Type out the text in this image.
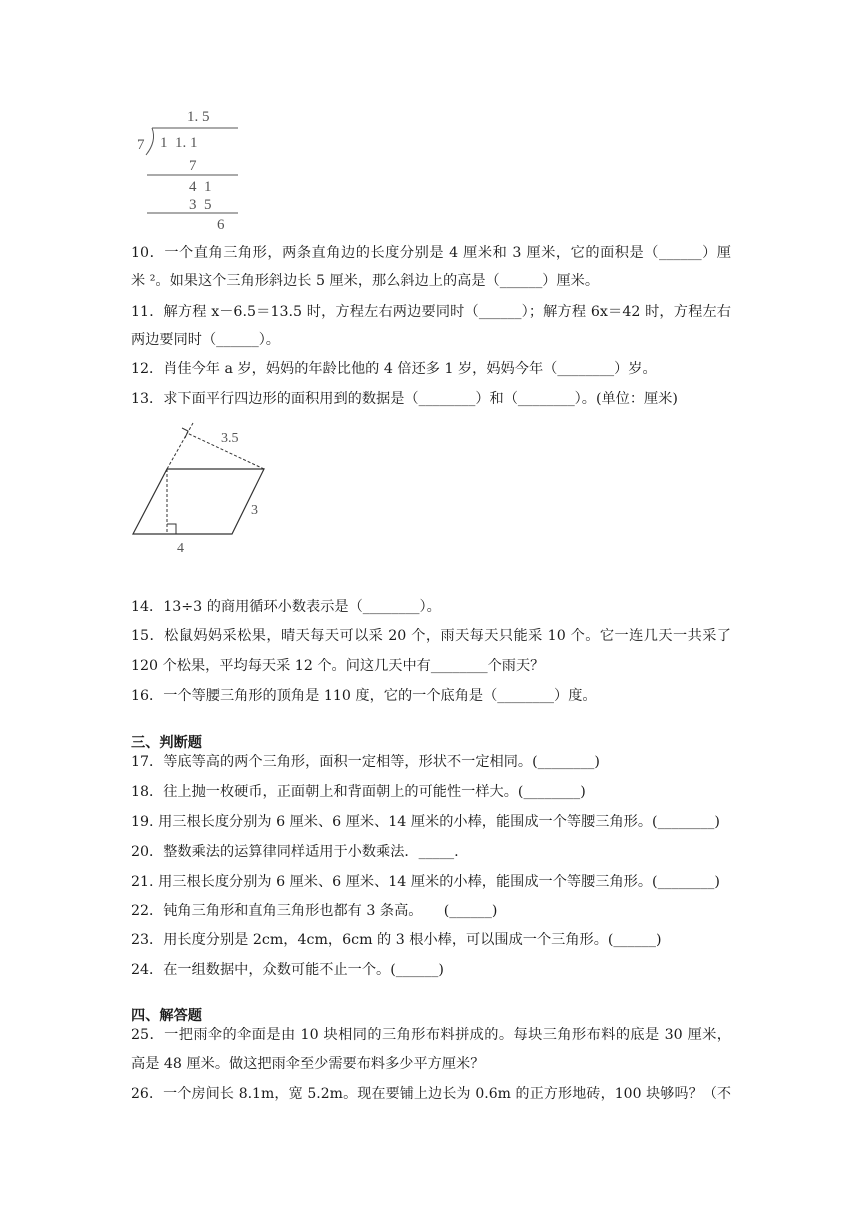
1. 5
7 1  1. 1
7
4  1
3  5
6
10．一个直角三角形，两条直角边的长度分别是 4 厘米和 3 厘米，它的面积是（______）厘
米 ²。如果这个三角形斜边长 5 厘米，那么斜边上的高是（______）厘米。
11．解方程 x－6.5＝13.5 时，方程左右两边要同时（______）；解方程 6x＝42 时，方程左右
两边要同时（______）。
12．肖佳今年 a 岁，妈妈的年龄比他的 4 倍还多 1 岁，妈妈今年（________）岁。
13．求下面平行四边形的面积用到的数据是（________）和（________）。(单位：厘米)
3.5
3
4
14．13÷3 的商用循环小数表示是（________）。
15．松鼠妈妈采松果，晴天每天可以采 20 个，雨天每天只能采 10 个。它一连几天一共采了
120 个松果，平均每天采 12 个。问这几天中有________个雨天？
16．一个等腰三角形的顶角是 110 度，它的一个底角是（________）度。
三、判断题
17．等底等高的两个三角形，面积一定相等，形状不一定相同。(________)
18．往上抛一枚硬币，正面朝上和背面朝上的可能性一样大。(________)
19. 用三根长度分别为 6 厘米、6 厘米、14 厘米的小棒，能围成一个等腰三角形。(________)
20．整数乘法的运算律同样适用于小数乘法．_____.
21. 用三根长度分别为 6 厘米、6 厘米、14 厘米的小棒，能围成一个等腰三角形。(________)
22．钝角三角形和直角三角形也都有 3 条高。　　(______)
23．用长度分别是 2cm，4cm，6cm 的 3 根小棒，可以围成一个三角形。(______)
24．在一组数据中，众数可能不止一个。(______)
四、解答题
25．一把雨伞的伞面是由 10 块相同的三角形布料拼成的。每块三角形布料的底是 30 厘米，
高是 48 厘米。做这把雨伞至少需要布料多少平方厘米？
26．一个房间长 8.1m，宽 5.2m。现在要铺上边长为 0.6m 的正方形地砖，100 块够吗？（不
